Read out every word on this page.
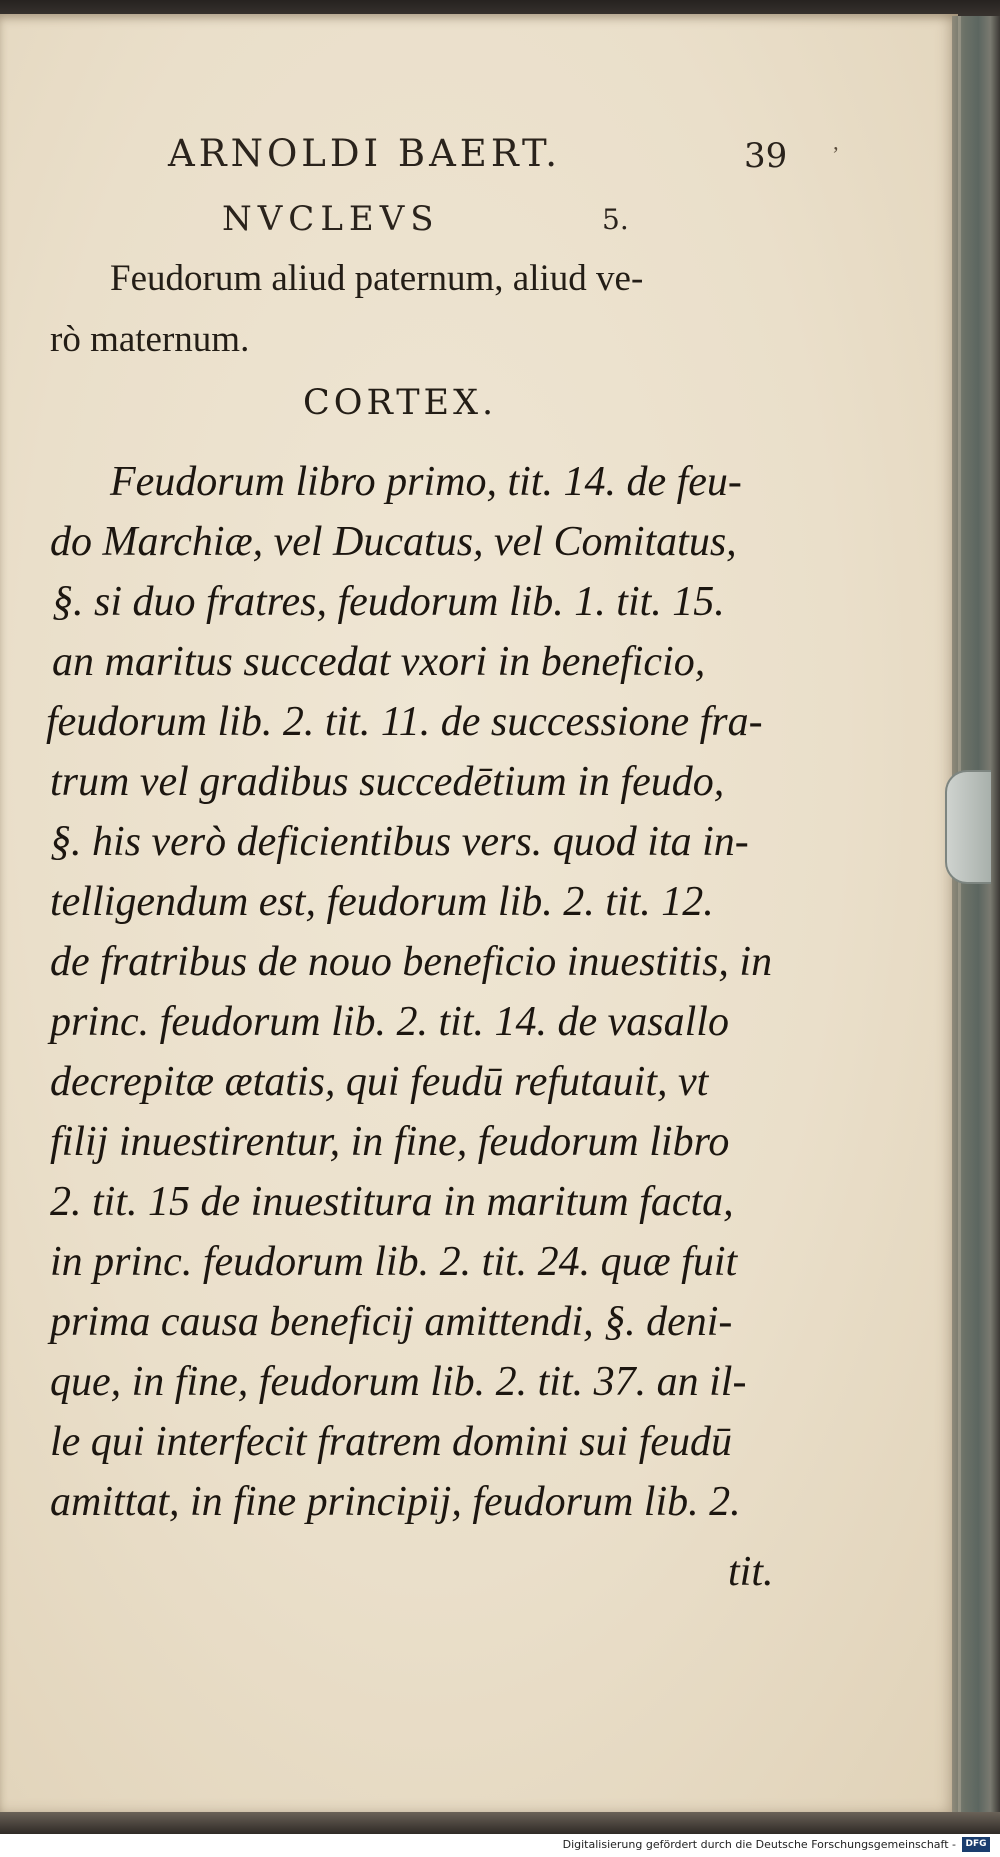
ARNOLDI BAERT.	39
NVCLEVS	5.
Feudorum aliud paternum, aliud ve-
rò maternum.
CORTEX.
Feudorum libro primo, tit. 14. de feu-
do Marchiæ, vel Ducatus, vel Comitatus,
§. si duo fratres, feudorum lib. 1. tit. 15.
an maritus succedat vxori in beneficio,
feudorum lib. 2. tit. 11. de successione fra-
trum vel gradibus succedētium in feudo,
§. his verò deficientibus vers. quod ita in-
telligendum est, feudorum lib. 2. tit. 12.
de fratribus de nouo beneficio inuestitis, in
princ. feudorum lib. 2. tit. 14. de vasallo
decrepitæ ætatis, qui feudū refutauit, vt
filij inuestirentur, in fine, feudorum libro
2. tit. 15 de inuestitura in maritum facta,
in princ. feudorum lib. 2. tit. 24. quæ fuit
prima causa beneficij amittendi, §. deni-
que, in fine, feudorum lib. 2. tit. 37. an il-
le qui interfecit fratrem domini sui feudū
amittat, in fine principij, feudorum lib. 2.
tit.
ʼ
Digitalisierung gefördert durch die Deutsche Forschungsgemeinschaft -	DFG
